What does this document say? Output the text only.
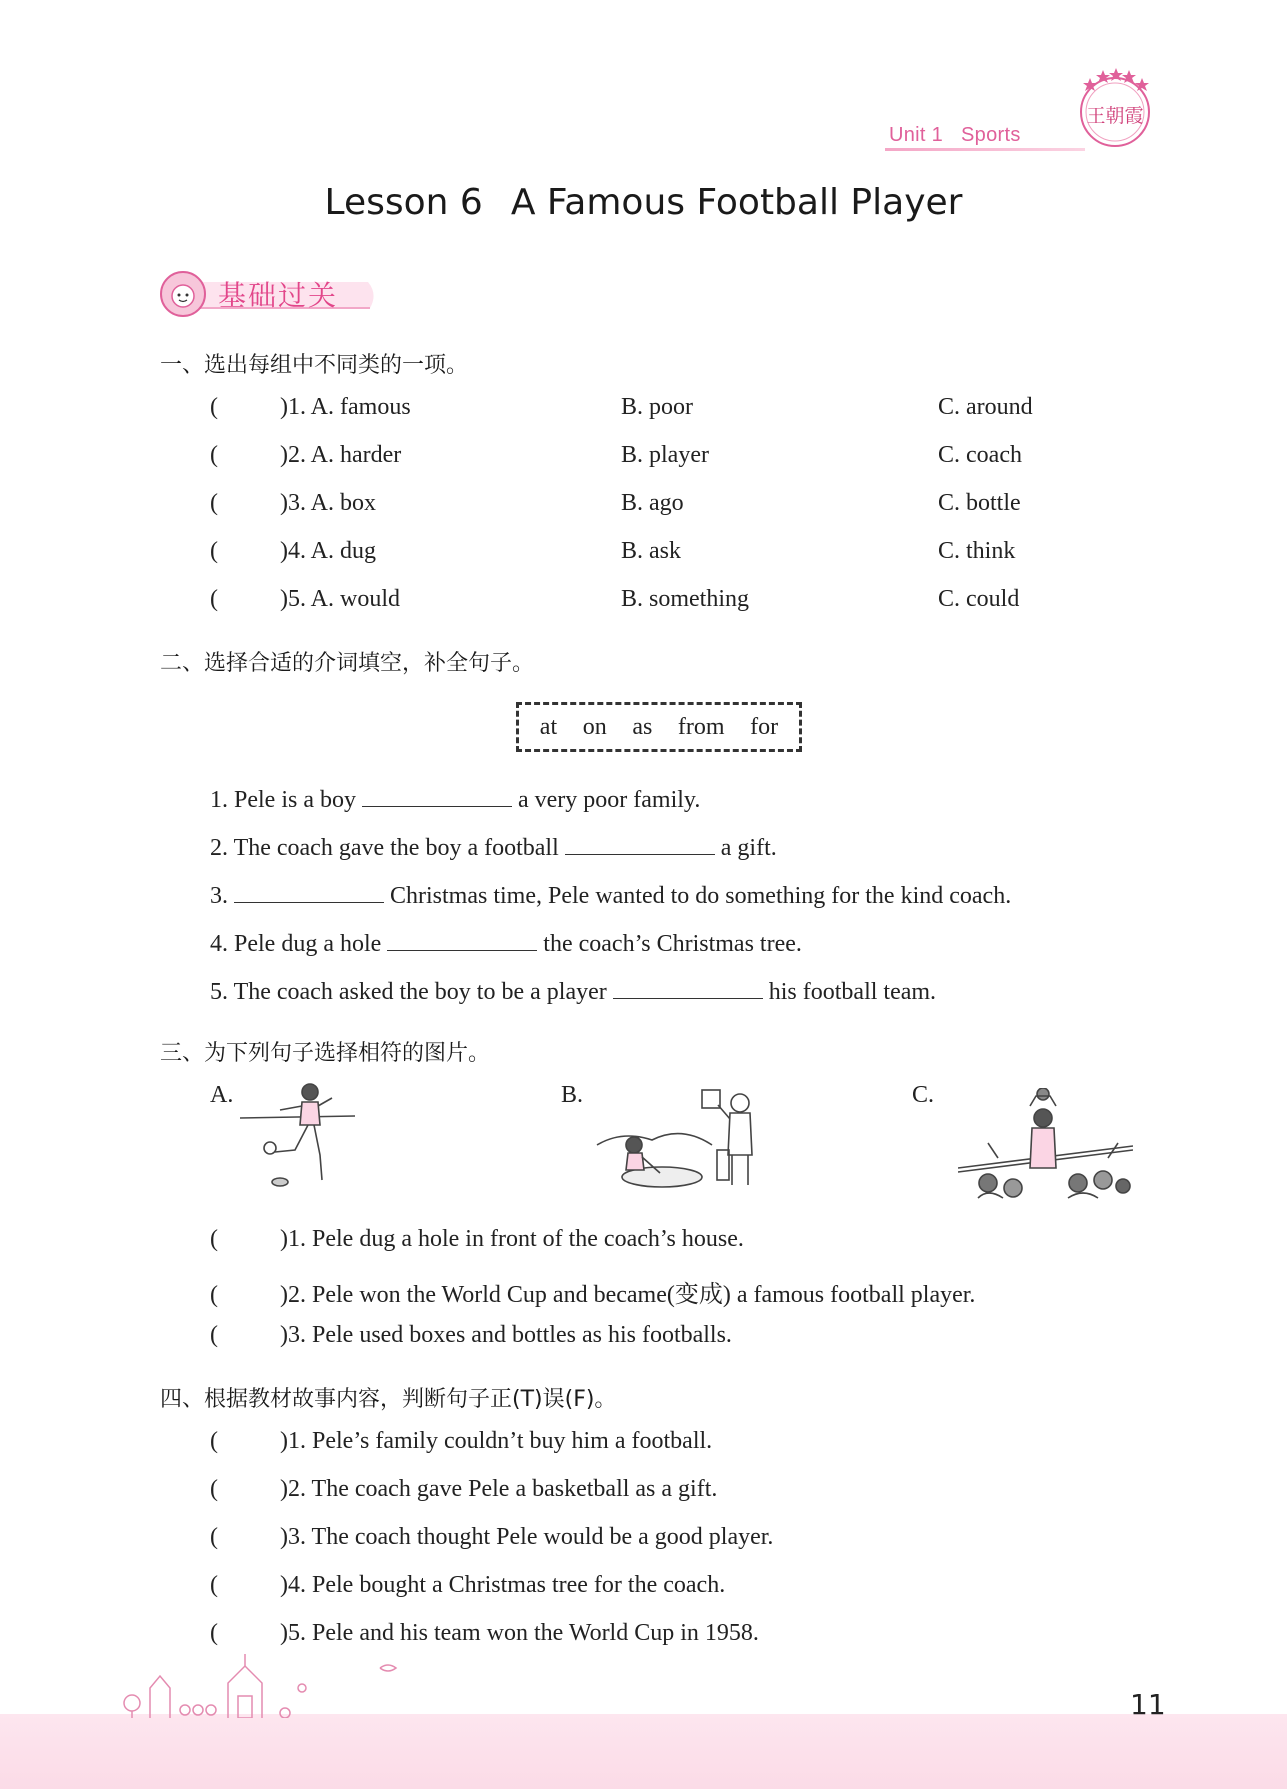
Unit 1 Sports
王朝霞
Lesson 6 A Famous Football Player
基础过关
一、选出每组中不同类的一项。
(	)1. A. famous	B. poor	C. around
(	)2. A. harder	B. player	C. coach
(	)3. A. box	B. ago	C. bottle
(	)4. A. dug	B. ask	C. think
(	)5. A. would	B. something	C. could
二、选择合适的介词填空，补全句子。
at on as from for
1. Pele is a boy	a very poor family.
2. The coach gave the boy a football	a gift.
3.	Christmas time, Pele wanted to do something for the kind coach.
4. Pele dug a hole	the coach’s Christmas tree.
5. The coach asked the boy to be a player	his football team.
三、为下列句子选择相符的图片。
A.	B.	C.
(	)1. Pele dug a hole in front of the coach’s house.
(	)2. Pele won the World Cup and became(变成) a famous football player.
(	)3. Pele used boxes and bottles as his footballs.
四、根据教材故事内容，判断句子正(T)误(F)。
(	)1. Pele’s family couldn’t buy him a football.
(	)2. The coach gave Pele a basketball as a gift.
(	)3. The coach thought Pele would be a good player.
(	)4. Pele bought a Christmas tree for the coach.
(	)5. Pele and his team won the World Cup in 1958.
11
